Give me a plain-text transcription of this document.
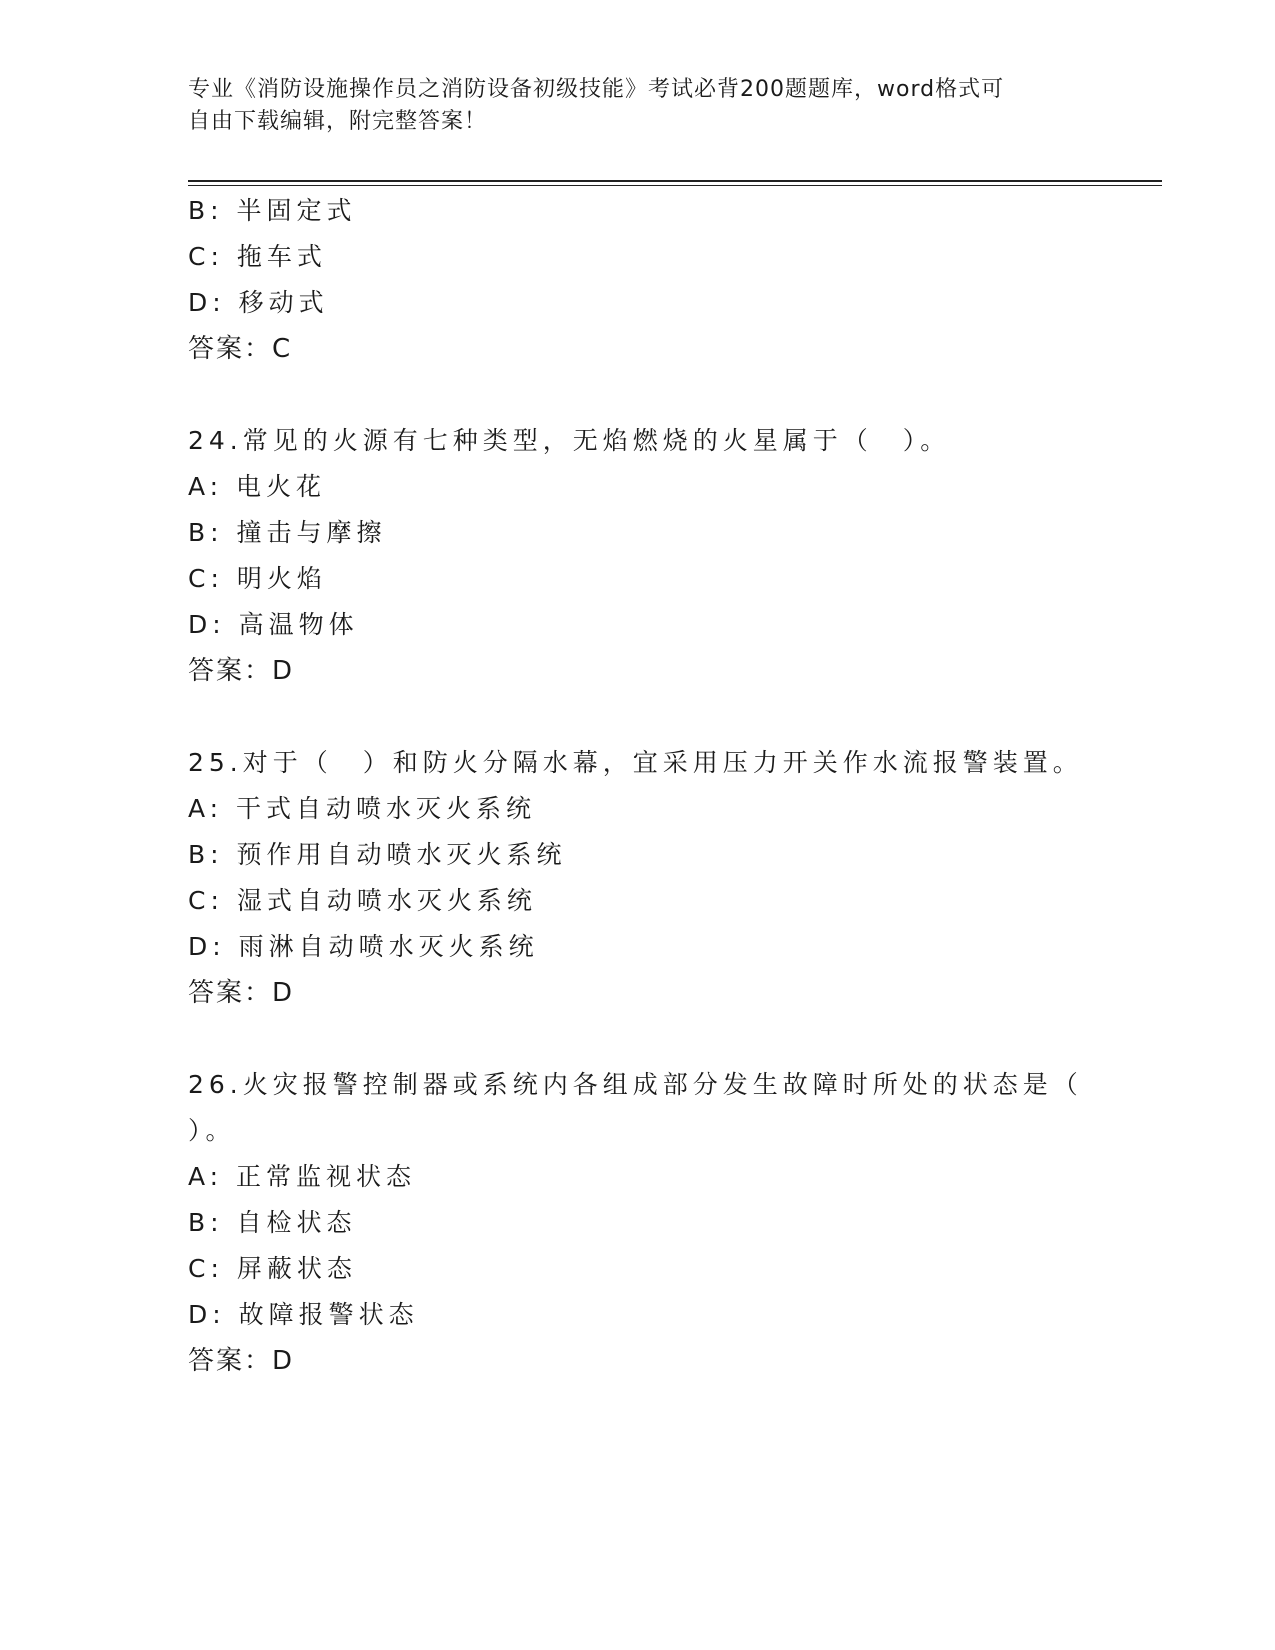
专业《消防设施操作员之消防设备初级技能》考试必背200题题库，word格式可
自由下载编辑，附完整答案！
B: 半固定式
C: 拖车式
D: 移动式
答案：C
24.常见的火源有七种类型，无焰燃烧的火星属于（　）。
A: 电火花
B: 撞击与摩擦
C: 明火焰
D: 高温物体
答案：D
25.对于（　）和防火分隔水幕，宜采用压力开关作水流报警装置。
A: 干式自动喷水灭火系统
B: 预作用自动喷水灭火系统
C: 湿式自动喷水灭火系统
D: 雨淋自动喷水灭火系统
答案：D
26.火灾报警控制器或系统内各组成部分发生故障时所处的状态是（
）。
A: 正常监视状态
B: 自检状态
C: 屏蔽状态
D: 故障报警状态
答案：D
